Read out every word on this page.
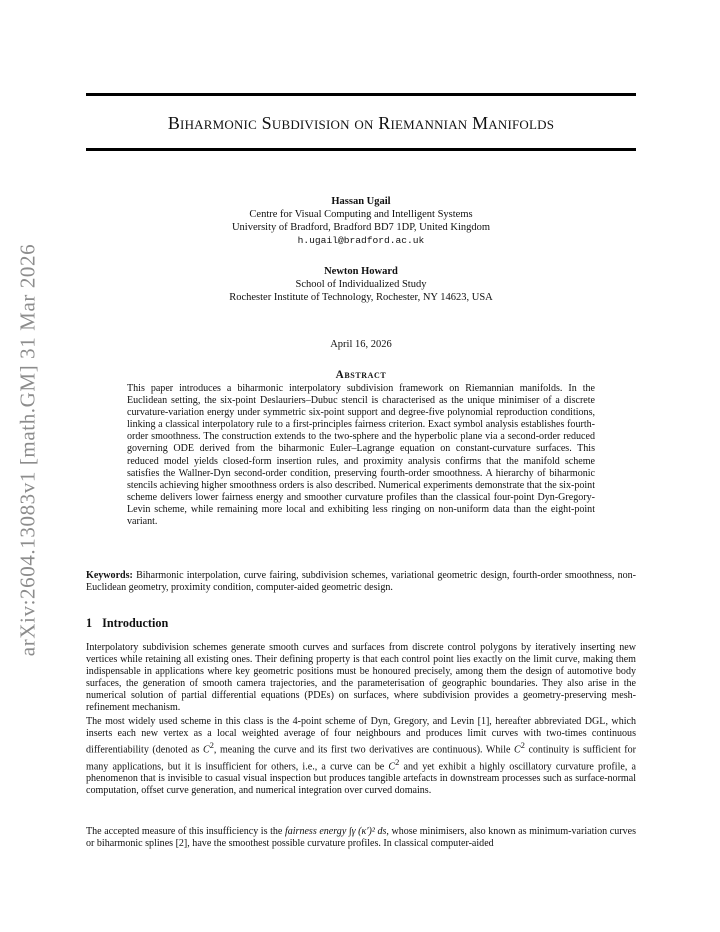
arXiv:2604.13083v1 [math.GM] 31 Mar 2026
Biharmonic Subdivision on Riemannian Manifolds
Hassan Ugail
Centre for Visual Computing and Intelligent Systems
University of Bradford, Bradford BD7 1DP, United Kingdom
h.ugail@bradford.ac.uk
Newton Howard
School of Individualized Study
Rochester Institute of Technology, Rochester, NY 14623, USA
April 16, 2026
Abstract
This paper introduces a biharmonic interpolatory subdivision framework on Riemannian manifolds. In the Euclidean setting, the six-point Deslauriers–Dubuc stencil is characterised as the unique minimiser of a discrete curvature-variation energy under symmetric six-point support and degree-five polynomial reproduction conditions, linking a classical interpolatory rule to a first-principles fairness criterion. Exact symbol analysis establishes fourth-order smoothness. The construction extends to the two-sphere and the hyperbolic plane via a second-order reduced governing ODE derived from the biharmonic Euler–Lagrange equation on constant-curvature surfaces. This reduced model yields closed-form insertion rules, and proximity analysis confirms that the manifold scheme satisfies the Wallner-Dyn second-order condition, preserving fourth-order smoothness. A hierarchy of biharmonic stencils achieving higher smoothness orders is also described. Numerical experiments demonstrate that the six-point scheme delivers lower fairness energy and smoother curvature profiles than the classical four-point Dyn-Gregory-Levin scheme, while remaining more local and exhibiting less ringing on non-uniform data than the eight-point variant.
Keywords: Biharmonic interpolation, curve fairing, subdivision schemes, variational geometric design, fourth-order smoothness, non-Euclidean geometry, proximity condition, computer-aided geometric design.
1 Introduction

Interpolatory subdivision schemes generate smooth curves and surfaces from discrete control polygons by iteratively inserting new vertices while retaining all existing ones. Their defining property is that each control point lies exactly on the limit curve, making them indispensable in applications where key geometric positions must be honoured precisely, among them the design of automotive body surfaces, the generation of smooth camera trajectories, and the parameterisation of geographic boundaries. They also arise in the numerical solution of partial differential equations (PDEs) on surfaces, where subdivision provides a geometry-preserving mesh-refinement mechanism.

The most widely used scheme in this class is the 4-point scheme of Dyn, Gregory, and Levin [1], hereafter abbreviated DGL, which inserts each new vertex as a local weighted average of four neighbours and produces limit curves with two-times continuous differentiability (denoted as $C^2$, meaning the curve and its first two derivatives are continuous). While $C^2$ continuity is sufficient for many applications, but it is insufficient for others, i.e., a curve can be $C^2$ and yet exhibit a highly oscillatory curvature profile, a phenomenon that is invisible to casual visual inspection but produces tangible artefacts in downstream processes such as surface-normal computation, offset curve generation, and numerical integration over curved domains.

The accepted measure of this insufficiency is the fairness energy ∫γ (κ′)² ds, whose minimisers, also known as minimum-variation curves or biharmonic splines [2], have the smoothest possible curvature profiles. In classical computer-aided
